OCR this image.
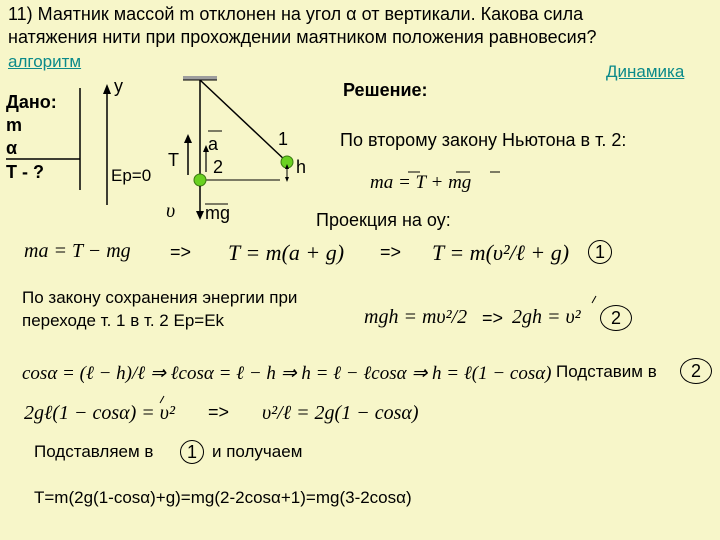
11) Маятник массой m отклонен на угол α от вертикали. Какова сила
натяжения нити при прохождении маятником положения равновесия?
алгоритм
Динамика
Дано:
m
α
Т - ?
y
Ep=0
T
a
2
1
h
υ mg
Решение:
По второму закону Ньютона в т. 2:
ma = T + mg
Проекция на оу:
ma = T − mg => T = m(a + g) => T = m(υ²/ℓ + g)	1
По закону сохранения энергии при
переходе т. 1 в т. 2 Ep=Ek	mgh = mυ²/2 => 2gh = υ²	2
cosα = (ℓ − h)/ℓ ⇒ ℓcosα = ℓ − h ⇒ h = ℓ − ℓcosα ⇒ h = ℓ(1 − cosα) Подставим в	2
2gℓ(1 − cosα) = υ² => υ²/ℓ = 2g(1 − cosα)
Подставляем в	1 и получаем
T=m(2g(1-cosα)+g)=mg(2-2cosα+1)=mg(3-2cosα)
